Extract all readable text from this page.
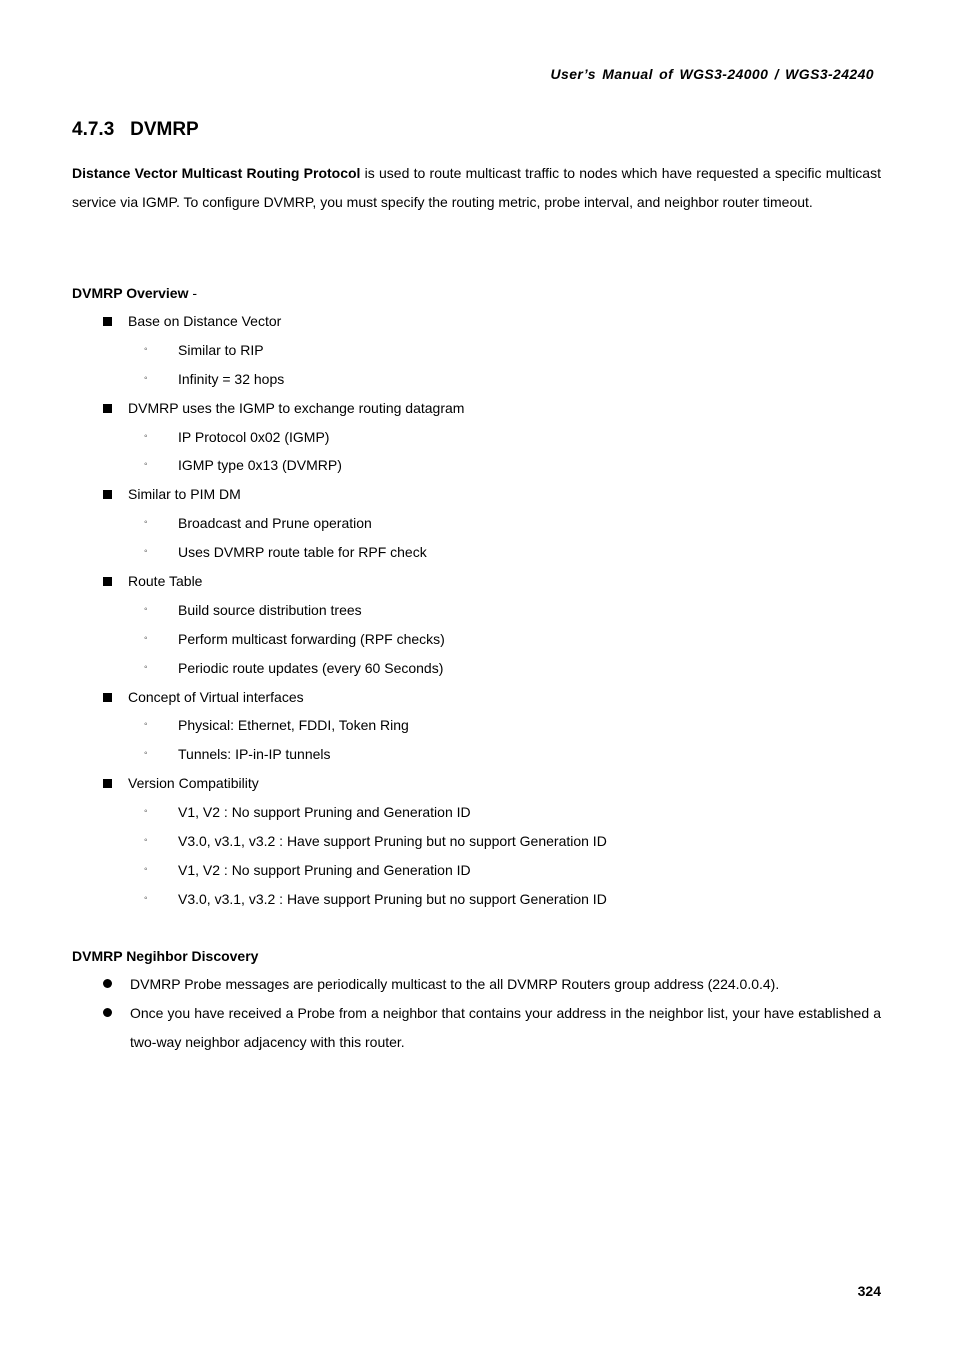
User’s Manual of WGS3-24000 / WGS3-24240
4.7.3   DVMRP

Distance Vector Multicast Routing Protocol is used to route multicast traffic to nodes which have requested a specific multicast service via IGMP. To configure DVMRP, you must specify the routing metric, probe interval, and neighbor router timeout.

DVMRP Overview -

Base on Distance Vector
◦ Similar to RIP
◦ Infinity = 32 hops
DVMRP uses the IGMP to exchange routing datagram
◦ IP Protocol 0x02 (IGMP)
◦ IGMP type 0x13 (DVMRP)
Similar to PIM DM
◦ Broadcast and Prune operation
◦ Uses DVMRP route table for RPF check
Route Table
◦ Build source distribution trees
◦ Perform multicast forwarding (RPF checks)
◦ Periodic route updates (every 60 Seconds)
Concept of Virtual interfaces
◦ Physical: Ethernet, FDDI, Token Ring
◦ Tunnels: IP-in-IP tunnels
Version Compatibility
◦ V1, V2 : No support Pruning and Generation ID
◦ V3.0, v3.1, v3.2 : Have support Pruning but no support Generation ID
◦ V1, V2 : No support Pruning and Generation ID
◦ V3.0, v3.1, v3.2 : Have support Pruning but no support Generation ID

DVMRP Negihbor Discovery

DVMRP Probe messages are periodically multicast to the all DVMRP Routers group address (224.0.0.4).
Once you have received a Probe from a neighbor that contains your address in the neighbor list, your have established a two-way neighbor adjacency with this router.
324
